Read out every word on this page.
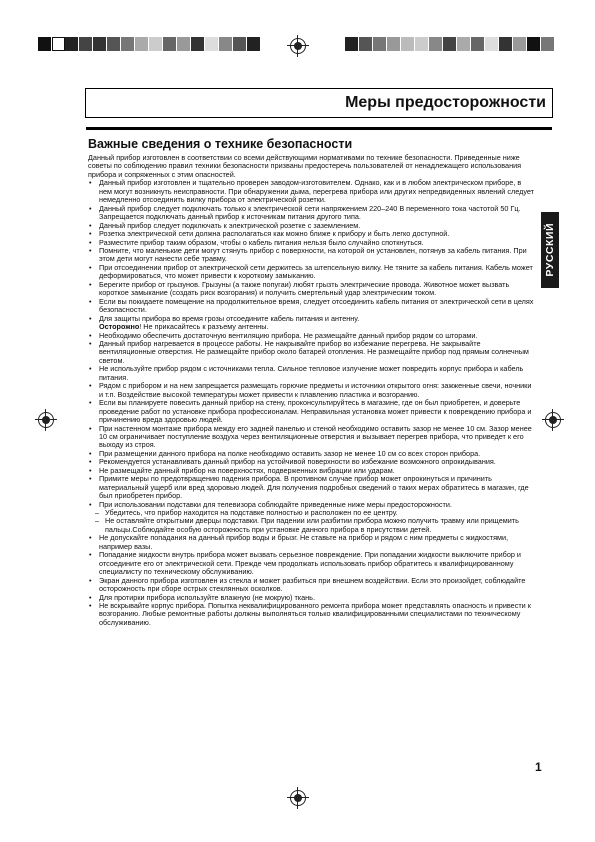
Меры предосторожности
Важные сведения о технике безопасности

Данный прибор изготовлен в соответствии со всеми действующими нормативами по технике безопасности. Приведенные ниже советы по соблюдению правил техники безопасности призваны предостеречь пользователей от ненадлежащего использования прибора и сопряженных с этим опасностей.

• Данный прибор изготовлен и тщательно проверен заводом-изготовителем. Однако, как и в любом электрическом приборе, в нем могут возникнуть неисправности. При обнаружении дыма, перегрева прибора или других непредвиденных явлений следует немедленно отсоединить вилку прибора от электрической розетки.
• Данный прибор следует подключать только к электрической сети напряжением 220–240 В переменного тока частотой 50 Гц. Запрещается подключать данный прибор к источникам питания другого типа.
• Данный прибор следует подключать к электрической розетке с заземлением.
• Розетка электрической сети должна располагаться как можно ближе к прибору и быть легко доступной.
• Разместите прибор таким образом, чтобы о кабель питания нельзя было случайно споткнуться.
• Помните, что маленькие дети могут стянуть прибор с поверхности, на которой он установлен, потянув за кабель питания. При этом дети могут нанести себе травму.
• При отсоединении прибор от электрической сети держитесь за штепсельную вилку. Не тяните за кабель питания. Кабель может деформироваться, что может привести к короткому замыканию.
• Берегите прибор от грызунов. Грызуны (а также попугаи) любят грызть электрические провода. Животное может вызвать короткое замыкание (создать риск возгорания) и получить смертельный удар электрическим током.
• Если вы покидаете помещение на продолжительное время, следует отсоединить кабель питания от электрической сети в целях безопасности.
• Для защиты прибора во время грозы отсоедините кабель питания и антенну.
Осторожно! Не прикасайтесь к разъему антенны.
• Необходимо обеспечить достаточную вентиляцию прибора. Не размещайте данный прибор рядом со шторами.
• Данный прибор нагревается в процессе работы. Не накрывайте прибор во избежание перегрева. Не закрывайте вентиляционные отверстия. Не размещайте прибор около батарей отопления. Не размещайте прибор под прямым солнечным светом.
• Не используйте прибор рядом с источниками тепла. Сильное тепловое излучение может повредить корпус прибора и кабель питания.
• Рядом с прибором и на нем запрещается размещать горючие предметы и источники открытого огня: зажженные свечи, ночники и т.п. Воздействие высокой температуры может привести к плавлению пластика и возгоранию.
• Если вы планируете повесить данный прибор на стену, проконсультируйтесь в магазине, где он был приобретен, и доверьте проведение работ по установке прибора профессионалам. Неправильная установка может привести к повреждению прибора и причинению вреда здоровью людей.
• При настенном монтаже прибора между его задней панелью и стеной необходимо оставить зазор не менее 10 см. Зазор менее 10 см ограничивает поступление воздуха через вентиляционные отверстия и вызывает перегрев прибора, что приведет к его выходу из строя.
• При размещении данного прибора на полке необходимо оставить зазор не менее 10 см со всех сторон прибора.
• Рекомендуется устанавливать данный прибор на устойчивой поверхности во избежание возможного опрокидывания.
• Не размещайте данный прибор на поверхностях, подверженных вибрации или ударам.
• Примите меры по предотвращению падения прибора. В противном случае прибор может опрокинуться и причинить материальный ущерб или вред здоровью людей. Для получения подробных сведений о таких мерах обратитесь в магазин, где был приобретен прибор.
• При использовании подставки для телевизора соблюдайте приведенные ниже меры предосторожности.
– Убедитесь, что прибор находится на подставке полностью и расположен по ее центру.
– Не оставляйте открытыми дверцы подставки. При падении или разбитии прибора можно получить травму или прищемить пальцы.Соблюдайте особую осторожность при установке данного прибора в присутствии детей.
• Не допускайте попадания на данный прибор воды и брызг. Не ставьте на прибор и рядом с ним предметы с жидкостями, например вазы.
• Попадание жидкости внутрь прибора может вызвать серьезное повреждение. При попадании жидкости выключите прибор и отсоедините его от электрической сети. Прежде чем продолжать использовать прибор обратитесь к квалифицированному специалисту по техническому обслуживанию.
• Экран данного прибора изготовлен из стекла и может разбиться при внешнем воздействии. Если это произойдет, соблюдайте осторожность при сборе острых стеклянных осколков.
• Для протирки прибора используйте влажную (не мокрую) ткань.
• Не вскрывайте корпус прибора. Попытка неквалифицированного ремонта прибора может представлять опасность и привести к возгоранию. Любые ремонтные работы должны выполняться только квалифицированными специалистами по техническому обслуживанию.
РУССКИЙ
1
